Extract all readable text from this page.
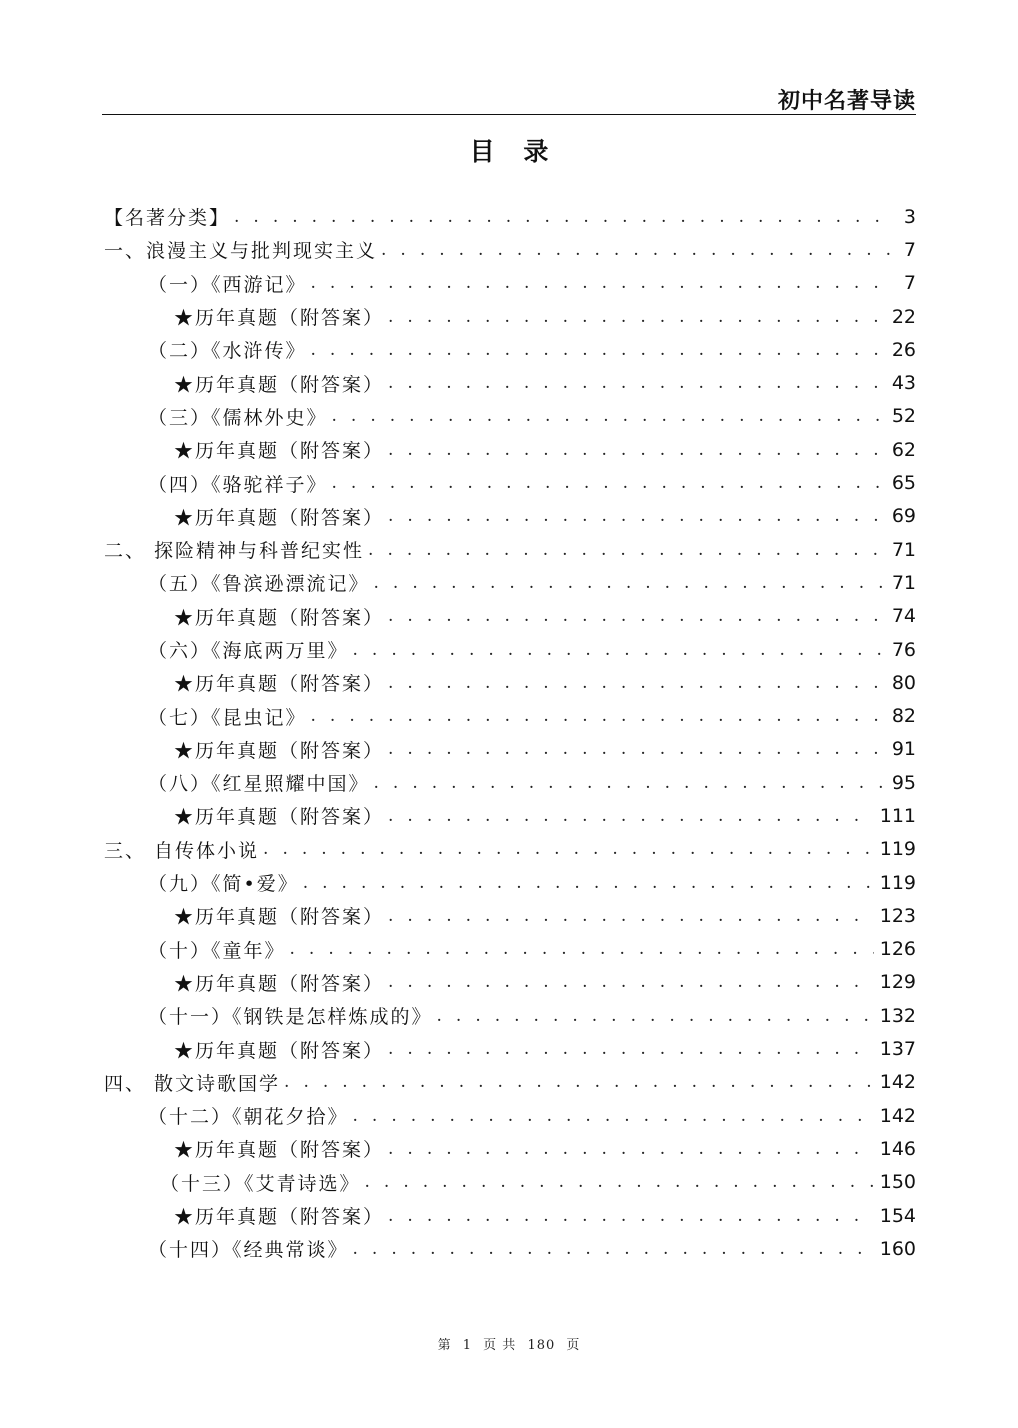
初中名著导读
目 录
【名著分类】 . . .	3
一、浪漫主义与批判现实主义 . . .	7
（一）《西游记》 . . .	7
★历年真题（附答案） . . .	22
（二）《水浒传》 . . .	26
★历年真题（附答案） . . .	43
（三）《儒林外史》 . . .	52
★历年真题（附答案） . . .	62
（四）《骆驼祥子》 . . .	65
★历年真题（附答案） . . .	69
二、 探险精神与科普纪实性 . . .	71
（五）《鲁滨逊漂流记》 . . .	71
★历年真题（附答案） . . .	74
（六）《海底两万里》 . . .	76
★历年真题（附答案） . . .	80
（七）《昆虫记》 . . .	82
★历年真题（附答案） . . .	91
（八）《红星照耀中国》 . . .	95
★历年真题（附答案） . . .	111
三、 自传体小说 . . .	119
（九）《简•爱》 . . .	119
★历年真题（附答案） . . .	123
（十）《童年》 . . .	126
★历年真题（附答案） . . .	129
（十一）《钢铁是怎样炼成的》 . . .	132
★历年真题（附答案） . . .	137
四、 散文诗歌国学 . . .	142
（十二）《朝花夕拾》 . . .	142
★历年真题（附答案） . . .	146
（十三）《艾青诗选》 . . .	150
★历年真题（附答案） . . .	154
（十四）《经典常谈》 . . .	160
第 1 页 共 180 页
